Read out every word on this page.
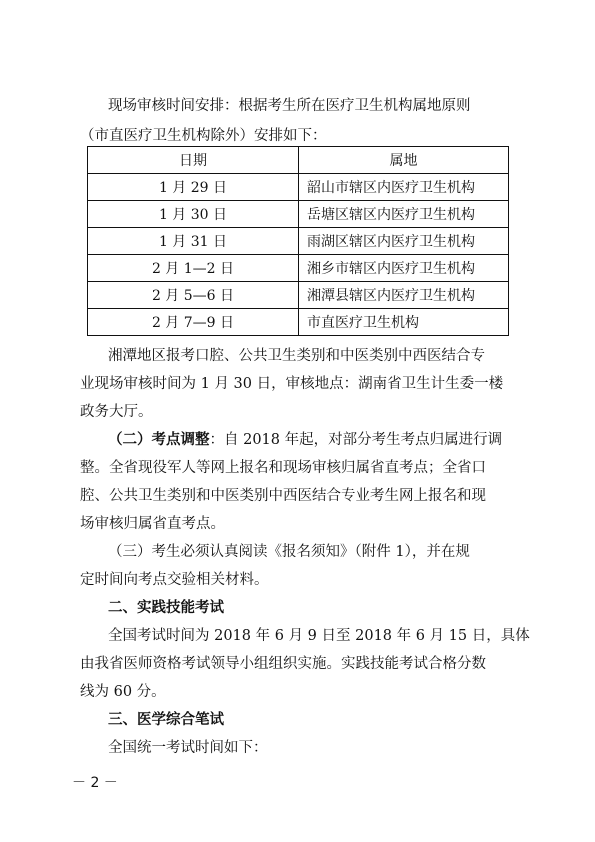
现场审核时间安排：根据考生所在医疗卫生机构属地原则
（市直医疗卫生机构除外）安排如下：
日期	属地
1 月 29 日	韶山市辖区内医疗卫生机构
1 月 30 日	岳塘区辖区内医疗卫生机构
1 月 31 日	雨湖区辖区内医疗卫生机构
2 月 1—2 日	湘乡市辖区内医疗卫生机构
2 月 5—6 日	湘潭县辖区内医疗卫生机构
2 月 7—9 日	市直医疗卫生机构
湘潭地区报考口腔、公共卫生类别和中医类别中西医结合专
业现场审核时间为 1 月 30 日，审核地点：湖南省卫生计生委一楼
政务大厅。
（二）考点调整：自 2018 年起，对部分考生考点归属进行调
整。全省现役军人等网上报名和现场审核归属省直考点；全省口
腔、公共卫生类别和中医类别中西医结合专业考生网上报名和现
场审核归属省直考点。
（三）考生必须认真阅读《报名须知》（附件 1），并在规
定时间向考点交验相关材料。
二、实践技能考试
全国考试时间为 2018 年 6 月 9 日至 2018 年 6 月 15 日，具体
由我省医师资格考试领导小组组织实施。实践技能考试合格分数
线为 60 分。
三、医学综合笔试
全国统一考试时间如下：
－ 2 －
